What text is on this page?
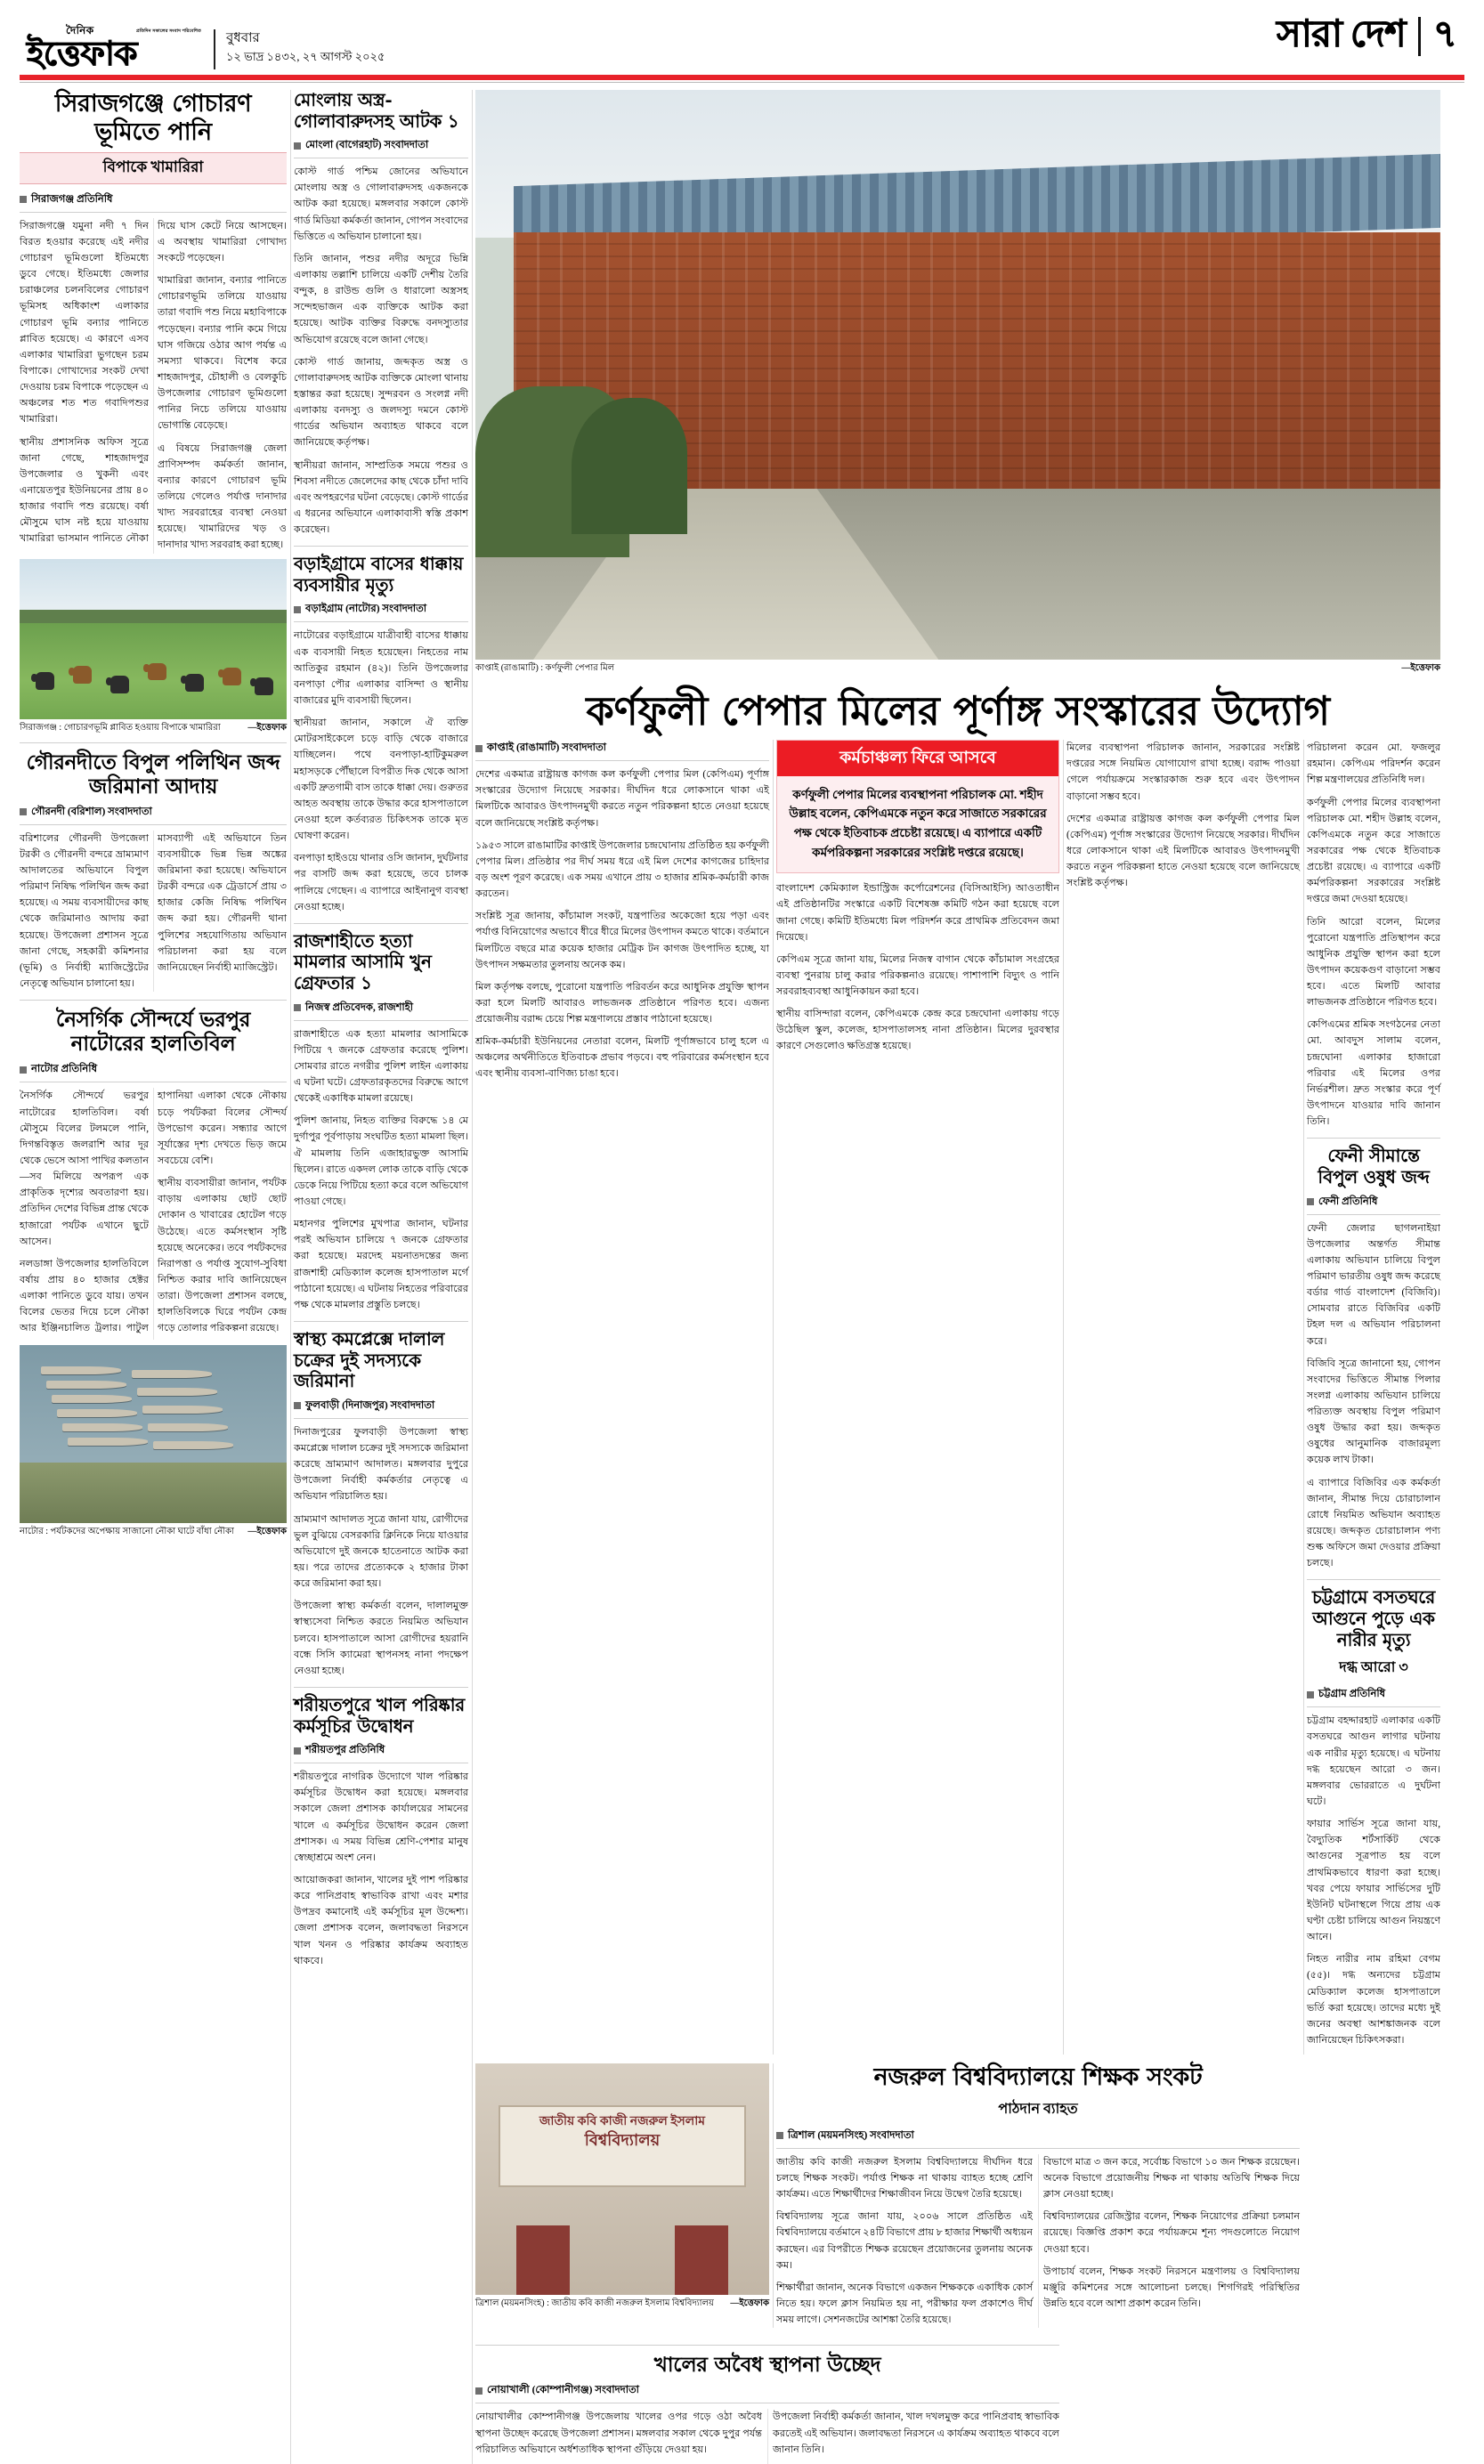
দৈনিক	প্রতিদিন সকালের সংবাদ পরিবেশিত
ইত্তেফাক	বুধবার
১২ ভাদ্র ১৪৩২, ২৭ আগস্ট ২০২৫
সারা দেশ ৭
সিরাজগঞ্জে গোচারণ ভূমিতে পানি
বিপাকে খামারিরা
সিরাজগঞ্জ প্রতিনিধি

সিরাজগঞ্জে যমুনা নদী ৭ দিন বিরত হওয়ার করেছে এই নদীর গোচারণ ভূমিগুলো ইতিমধ্যে ডুবে গেছে। ইতিমধ্যে জেলার চরাঞ্চলের চলনবিলের গোচারণ ভূমিসহ অধিকাংশ এলাকার গোচারণ ভূমি বন্যার পানিতে প্লাবিত হয়েছে। এ কারণে এসব এলাকার খামারিরা ভুগছেন চরম বিপাকে। গোখাদ্যের সংকট দেখা দেওয়ায় চরম বিপাকে পড়েছেন এ অঞ্চলের শত শত গবাদিপশুর খামারিরা।

স্থানীয় প্রশাসনিক অফিস সূত্রে জানা গেছে, শাহজাদপুর উপজেলার ও খুকনী এবং এনায়েতপুর ইউনিয়নের প্রায় ৪০ হাজার গবাদি পশু রয়েছে। বর্ষা মৌসুমে ঘাস নষ্ট হয়ে যাওয়ায় খামারিরা ভাসমান পানিতে নৌকা দিয়ে ঘাস কেটে নিয়ে আসছেন। এ অবস্থায় খামারিরা গোখাদ্য সংকটে পড়েছেন।

খামারিরা জানান, বন্যার পানিতে গোচারণভূমি তলিয়ে যাওয়ায় তারা গবাদি পশু নিয়ে মহাবিপাকে পড়েছেন। বন্যার পানি কমে গিয়ে ঘাস গজিয়ে ওঠার আগ পর্যন্ত এ সমস্যা থাকবে। বিশেষ করে শাহজাদপুর, চৌহালী ও বেলকুচি উপজেলার গোচারণ ভূমিগুলো পানির নিচে তলিয়ে যাওয়ায় ভোগান্তি বেড়েছে।

এ বিষয়ে সিরাজগঞ্জ জেলা প্রাণিসম্পদ কর্মকর্তা জানান, বন্যার কারণে গোচারণ ভূমি তলিয়ে গেলেও পর্যাপ্ত দানাদার খাদ্য সরবরাহের ব্যবস্থা নেওয়া হয়েছে। খামারিদের খড় ও দানাদার খাদ্য সরবরাহ করা হচ্ছে।

সিরাজগঞ্জ : গোচারণভূমি প্লাবিত হওয়ায় বিপাকে খামারিরা	—ইত্তেফাক
গৌরনদীতে বিপুল পলিথিন জব্দ জরিমানা আদায়
গৌরনদী (বরিশাল) সংবাদদাতা

বরিশালের গৌরনদী উপজেলা টরকী ও গৌরনদী বন্দরে ভ্রাম্যমাণ আদালতের অভিযানে বিপুল পরিমাণ নিষিদ্ধ পলিথিন জব্দ করা হয়েছে। এ সময় ব্যবসায়ীদের কাছ থেকে জরিমানাও আদায় করা হয়েছে। উপজেলা প্রশাসন সূত্রে জানা গেছে, সহকারী কমিশনার (ভূমি) ও নির্বাহী ম্যাজিস্ট্রেটের নেতৃত্বে অভিযান চালানো হয়।

মাসব্যাপী এই অভিযানে তিন ব্যবসায়ীকে ভিন্ন ভিন্ন অঙ্কের জরিমানা করা হয়েছে। অভিযানে টরকী বন্দরে এক ট্রেডার্সে প্রায় ৩ হাজার কেজি নিষিদ্ধ পলিথিন জব্দ করা হয়। গৌরনদী থানা পুলিশের সহযোগিতায় অভিযান পরিচালনা করা হয় বলে জানিয়েছেন নির্বাহী ম্যাজিস্ট্রেট।

নৈসর্গিক সৌন্দর্যে ভরপুর নাটোরের হালতিবিল
নাটোর প্রতিনিধি

নৈসর্গিক সৌন্দর্যে ভরপুর নাটোরের হালতিবিল। বর্ষা মৌসুমে বিলের টলমলে পানি, দিগন্তবিস্তৃত জলরাশি আর দূর থেকে ভেসে আসা পাখির কলতান—সব মিলিয়ে অপরূপ এক প্রাকৃতিক দৃশ্যের অবতারণা হয়। প্রতিদিন দেশের বিভিন্ন প্রান্ত থেকে হাজারো পর্যটক এখানে ছুটে আসেন।

নলডাঙ্গা উপজেলার হালতিবিলে বর্ষায় প্রায় ৪০ হাজার হেক্টর এলাকা পানিতে ডুবে যায়। তখন বিলের ভেতর দিয়ে চলে নৌকা আর ইঞ্জিনচালিত ট্রলার। পাটুল হাপানিয়া এলাকা থেকে নৌকায় চড়ে পর্যটকরা বিলের সৌন্দর্য উপভোগ করেন। সন্ধ্যার আগে সূর্যাস্তের দৃশ্য দেখতে ভিড় জমে সবচেয়ে বেশি।

স্থানীয় ব্যবসায়ীরা জানান, পর্যটক বাড়ায় এলাকায় ছোট ছোট দোকান ও খাবারের হোটেল গড়ে উঠেছে। এতে কর্মসংস্থান সৃষ্টি হয়েছে অনেকের। তবে পর্যটকদের নিরাপত্তা ও পর্যাপ্ত সুযোগ-সুবিধা নিশ্চিত করার দাবি জানিয়েছেন তারা। উপজেলা প্রশাসন বলছে, হালতিবিলকে ঘিরে পর্যটন কেন্দ্র গড়ে তোলার পরিকল্পনা রয়েছে।

নাটোর : পর্যটকদের অপেক্ষায় সাজানো নৌকা ঘাটে বাঁধা নৌকা —ইত্তেফাক
মোংলায় অস্ত্র-গোলাবারুদসহ আটক ১
মোংলা (বাগেরহাট) সংবাদদাতা

কোস্ট গার্ড পশ্চিম জোনের অভিযানে মোংলায় অস্ত্র ও গোলাবারুদসহ একজনকে আটক করা হয়েছে। মঙ্গলবার সকালে কোস্ট গার্ড মিডিয়া কর্মকর্তা জানান, গোপন সংবাদের ভিত্তিতে এ অভিযান চালানো হয়।

তিনি জানান, পশুর নদীর অদূরে ভিন্নি এলাকায় তল্লাশি চালিয়ে একটি দেশীয় তৈরি বন্দুক, ৪ রাউন্ড গুলি ও ধারালো অস্ত্রসহ সন্দেহভাজন এক ব্যক্তিকে আটক করা হয়েছে। আটক ব্যক্তির বিরুদ্ধে বনদস্যুতার অভিযোগ রয়েছে বলে জানা গেছে।

কোস্ট গার্ড জানায়, জব্দকৃত অস্ত্র ও গোলাবারুদসহ আটক ব্যক্তিকে মোংলা থানায় হস্তান্তর করা হয়েছে। সুন্দরবন ও সংলগ্ন নদী এলাকায় বনদস্যু ও জলদস্যু দমনে কোস্ট গার্ডের অভিযান অব্যাহত থাকবে বলে জানিয়েছে কর্তৃপক্ষ।

স্থানীয়রা জানান, সাম্প্রতিক সময়ে পশুর ও শিবসা নদীতে জেলেদের কাছ থেকে চাঁদা দাবি এবং অপহরণের ঘটনা বেড়েছে। কোস্ট গার্ডের এ ধরনের অভিযানে এলাকাবাসী স্বস্তি প্রকাশ করেছেন।

বড়াইগ্রামে বাসের ধাক্কায় ব্যবসায়ীর মৃত্যু
বড়াইগ্রাম (নাটোর) সংবাদদাতা

নাটোরের বড়াইগ্রামে যাত্রীবাহী বাসের ধাক্কায় এক ব্যবসায়ী নিহত হয়েছেন। নিহতের নাম আতিকুর রহমান (৪২)। তিনি উপজেলার বনপাড়া পৌর এলাকার বাসিন্দা ও স্থানীয় বাজারের মুদি ব্যবসায়ী ছিলেন।

স্থানীয়রা জানান, সকালে ঐ ব্যক্তি মোটরসাইকেলে চড়ে বাড়ি থেকে বাজারে যাচ্ছিলেন। পথে বনপাড়া-হাটিকুমরুল মহাসড়কে পৌঁছালে বিপরীত দিক থেকে আসা একটি দ্রুতগামী বাস তাকে ধাক্কা দেয়। গুরুতর আহত অবস্থায় তাকে উদ্ধার করে হাসপাতালে নেওয়া হলে কর্তব্যরত চিকিৎসক তাকে মৃত ঘোষণা করেন।

বনপাড়া হাইওয়ে থানার ওসি জানান, দুর্ঘটনার পর বাসটি জব্দ করা হয়েছে, তবে চালক পালিয়ে গেছেন। এ ব্যাপারে আইনানুগ ব্যবস্থা নেওয়া হচ্ছে।

রাজশাহীতে হত্যা মামলার আসামি খুন গ্রেফতার ১
নিজস্ব প্রতিবেদক, রাজশাহী

রাজশাহীতে এক হত্যা মামলার আসামিকে পিটিয়ে ৭ জনকে গ্রেফতার করেছে পুলিশ। সোমবার রাতে নগরীর পুলিশ লাইন এলাকায় এ ঘটনা ঘটে। গ্রেফতারকৃতদের বিরুদ্ধে আগে থেকেই একাধিক মামলা রয়েছে।

পুলিশ জানায়, নিহত ব্যক্তির বিরুদ্ধে ১৪ মে দুর্গাপুর পূর্বপাড়ায় সংঘটিত হত্যা মামলা ছিল। ঐ মামলায় তিনি এজাহারভুক্ত আসামি ছিলেন। রাতে একদল লোক তাকে বাড়ি থেকে ডেকে নিয়ে পিটিয়ে হত্যা করে বলে অভিযোগ পাওয়া গেছে।

মহানগর পুলিশের মুখপাত্র জানান, ঘটনার পরই অভিযান চালিয়ে ৭ জনকে গ্রেফতার করা হয়েছে। মরদেহ ময়নাতদন্তের জন্য রাজশাহী মেডিক্যাল কলেজ হাসপাতাল মর্গে পাঠানো হয়েছে। এ ঘটনায় নিহতের পরিবারের পক্ষ থেকে মামলার প্রস্তুতি চলছে।

স্বাস্থ্য কমপ্লেক্সে দালাল চক্রের দুই সদস্যকে জরিমানা
ফুলবাড়ী (দিনাজপুর) সংবাদদাতা

দিনাজপুরের ফুলবাড়ী উপজেলা স্বাস্থ্য কমপ্লেক্সে দালাল চক্রের দুই সদস্যকে জরিমানা করেছে ভ্রাম্যমাণ আদালত। মঙ্গলবার দুপুরে উপজেলা নির্বাহী কর্মকর্তার নেতৃত্বে এ অভিযান পরিচালিত হয়।

ভ্রাম্যমাণ আদালত সূত্রে জানা যায়, রোগীদের ভুল বুঝিয়ে বেসরকারি ক্লিনিকে নিয়ে যাওয়ার অভিযোগে দুই জনকে হাতেনাতে আটক করা হয়। পরে তাদের প্রত্যেককে ২ হাজার টাকা করে জরিমানা করা হয়।

উপজেলা স্বাস্থ্য কর্মকর্তা বলেন, দালালমুক্ত স্বাস্থ্যসেবা নিশ্চিত করতে নিয়মিত অভিযান চলবে। হাসপাতালে আসা রোগীদের হয়রানি বন্ধে সিসি ক্যামেরা স্থাপনসহ নানা পদক্ষেপ নেওয়া হচ্ছে।

শরীয়তপুরে খাল পরিষ্কার কর্মসূচির উদ্বোধন
শরীয়তপুর প্রতিনিধি

শরীয়তপুরে নাগরিক উদ্যোগে খাল পরিষ্কার কর্মসূচির উদ্বোধন করা হয়েছে। মঙ্গলবার সকালে জেলা প্রশাসক কার্যালয়ের সামনের খালে এ কর্মসূচির উদ্বোধন করেন জেলা প্রশাসক। এ সময় বিভিন্ন শ্রেণি-পেশার মানুষ স্বেচ্ছাশ্রমে অংশ নেন।

আয়োজকরা জানান, খালের দুই পাশ পরিষ্কার করে পানিপ্রবাহ স্বাভাবিক রাখা এবং মশার উপদ্রব কমানোই এই কর্মসূচির মূল উদ্দেশ্য। জেলা প্রশাসক বলেন, জলাবদ্ধতা নিরসনে খাল খনন ও পরিষ্কার কার্যক্রম অব্যাহত থাকবে।

কাপ্তাই (রাঙামাটি) : কর্ণফুলী পেপার মিল	—ইত্তেফাক
কর্ণফুলী পেপার মিলের পূর্ণাঙ্গ সংস্কারের উদ্যোগ
কাপ্তাই (রাঙামাটি) সংবাদদাতা

দেশের একমাত্র রাষ্ট্রায়ত্ত কাগজ কল কর্ণফুলী পেপার মিল (কেপিএম) পূর্ণাঙ্গ সংস্কারের উদ্যোগ নিয়েছে সরকার। দীর্ঘদিন ধরে লোকসানে থাকা এই মিলটিকে আবারও উৎপাদনমুখী করতে নতুন পরিকল্পনা হাতে নেওয়া হয়েছে বলে জানিয়েছে সংশ্লিষ্ট কর্তৃপক্ষ।

১৯৫৩ সালে রাঙামাটির কাপ্তাই উপজেলার চন্দ্রঘোনায় প্রতিষ্ঠিত হয় কর্ণফুলী পেপার মিল। প্রতিষ্ঠার পর দীর্ঘ সময় ধরে এই মিল দেশের কাগজের চাহিদার বড় অংশ পূরণ করেছে। এক সময় এখানে প্রায় ৩ হাজার শ্রমিক-কর্মচারী কাজ করতেন।

সংশ্লিষ্ট সূত্র জানায়, কাঁচামাল সংকট, যন্ত্রপাতির অকেজো হয়ে পড়া এবং পর্যাপ্ত বিনিয়োগের অভাবে ধীরে ধীরে মিলের উৎপাদন কমতে থাকে। বর্তমানে মিলটিতে বছরে মাত্র কয়েক হাজার মেট্রিক টন কাগজ উৎপাদিত হচ্ছে, যা উৎপাদন সক্ষমতার তুলনায় অনেক কম।

মিল কর্তৃপক্ষ বলছে, পুরোনো যন্ত্রপাতি পরিবর্তন করে আধুনিক প্রযুক্তি স্থাপন করা হলে মিলটি আবারও লাভজনক প্রতিষ্ঠানে পরিণত হবে। এজন্য প্রয়োজনীয় বরাদ্দ চেয়ে শিল্প মন্ত্রণালয়ে প্রস্তাব পাঠানো হয়েছে।

শ্রমিক-কর্মচারী ইউনিয়নের নেতারা বলেন, মিলটি পূর্ণাঙ্গভাবে চালু হলে এ অঞ্চলের অর্থনীতিতে ইতিবাচক প্রভাব পড়বে। বহু পরিবারের কর্মসংস্থান হবে এবং স্থানীয় ব্যবসা-বাণিজ্য চাঙা হবে।

কর্মচাঞ্চল্য ফিরে আসবে
কর্ণফুলী পেপার মিলের ব্যবস্থাপনা পরিচালক মো. শহীদ উল্লাহ বলেন, কেপিএমকে নতুন করে সাজাতে সরকারের পক্ষ থেকে ইতিবাচক প্রচেষ্টা রয়েছে। এ ব্যাপারে একটি কর্মপরিকল্পনা সরকারের সংশ্লিষ্ট দপ্তরে রয়েছে।

বাংলাদেশ কেমিক্যাল ইন্ডাস্ট্রিজ কর্পোরেশনের (বিসিআইসি) আওতাধীন এই প্রতিষ্ঠানটির সংস্কারে একটি বিশেষজ্ঞ কমিটি গঠন করা হয়েছে বলে জানা গেছে। কমিটি ইতিমধ্যে মিল পরিদর্শন করে প্রাথমিক প্রতিবেদন জমা দিয়েছে।

কেপিএম সূত্রে জানা যায়, মিলের নিজস্ব বাগান থেকে কাঁচামাল সংগ্রহের ব্যবস্থা পুনরায় চালু করার পরিকল্পনাও রয়েছে। পাশাপাশি বিদ্যুৎ ও পানি সরবরাহব্যবস্থা আধুনিকায়ন করা হবে।

স্থানীয় বাসিন্দারা বলেন, কেপিএমকে কেন্দ্র করে চন্দ্রঘোনা এলাকায় গড়ে উঠেছিল স্কুল, কলেজ, হাসপাতালসহ নানা প্রতিষ্ঠান। মিলের দুরবস্থার কারণে সেগুলোও ক্ষতিগ্রস্ত হয়েছে।

মিলের ব্যবস্থাপনা পরিচালক জানান, সরকারের সংশ্লিষ্ট দপ্তরের সঙ্গে নিয়মিত যোগাযোগ রাখা হচ্ছে। বরাদ্দ পাওয়া গেলে পর্যায়ক্রমে সংস্কারকাজ শুরু হবে এবং উৎপাদন বাড়ানো সম্ভব হবে।

দেশের একমাত্র রাষ্ট্রায়ত্ত কাগজ কল কর্ণফুলী পেপার মিল (কেপিএম) পূর্ণাঙ্গ সংস্কারের উদ্যোগ নিয়েছে সরকার। দীর্ঘদিন ধরে লোকসানে থাকা এই মিলটিকে আবারও উৎপাদনমুখী করতে নতুন পরিকল্পনা হাতে নেওয়া হয়েছে বলে জানিয়েছে সংশ্লিষ্ট কর্তৃপক্ষ।

পরিচালনা করেন মো. ফজলুর রহমান। কেপিএম পরিদর্শন করেন শিল্প মন্ত্রণালয়ের প্রতিনিধি দল।

কর্ণফুলী পেপার মিলের ব্যবস্থাপনা পরিচালক মো. শহীদ উল্লাহ বলেন, কেপিএমকে নতুন করে সাজাতে সরকারের পক্ষ থেকে ইতিবাচক প্রচেষ্টা রয়েছে। এ ব্যাপারে একটি কর্মপরিকল্পনা সরকারের সংশ্লিষ্ট দপ্তরে জমা দেওয়া হয়েছে।

তিনি আরো বলেন, মিলের পুরোনো যন্ত্রপাতি প্রতিস্থাপন করে আধুনিক প্রযুক্তি স্থাপন করা হলে উৎপাদন কয়েকগুণ বাড়ানো সম্ভব হবে। এতে মিলটি আবার লাভজনক প্রতিষ্ঠানে পরিণত হবে।

কেপিএমের শ্রমিক সংগঠনের নেতা মো. আবদুস সালাম বলেন, চন্দ্রঘোনা এলাকার হাজারো পরিবার এই মিলের ওপর নির্ভরশীল। দ্রুত সংস্কার করে পূর্ণ উৎপাদনে যাওয়ার দাবি জানান তিনি।

ফেনী সীমান্তে বিপুল ওষুধ জব্দ
ফেনী প্রতিনিধি

ফেনী জেলার ছাগলনাইয়া উপজেলার অন্তর্গত সীমান্ত এলাকায় অভিযান চালিয়ে বিপুল পরিমাণ ভারতীয় ওষুধ জব্দ করেছে বর্ডার গার্ড বাংলাদেশ (বিজিবি)। সোমবার রাতে বিজিবির একটি টহল দল এ অভিযান পরিচালনা করে।

বিজিবি সূত্রে জানানো হয়, গোপন সংবাদের ভিত্তিতে সীমান্ত পিলার সংলগ্ন এলাকায় অভিযান চালিয়ে পরিত্যক্ত অবস্থায় বিপুল পরিমাণ ওষুধ উদ্ধার করা হয়। জব্দকৃত ওষুধের আনুমানিক বাজারমূল্য কয়েক লাখ টাকা।

এ ব্যাপারে বিজিবির এক কর্মকর্তা জানান, সীমান্ত দিয়ে চোরাচালান রোধে নিয়মিত অভিযান অব্যাহত রয়েছে। জব্দকৃত চোরাচালান পণ্য শুল্ক অফিসে জমা দেওয়ার প্রক্রিয়া চলছে।

চট্টগ্রামে বসতঘরে আগুনে পুড়ে এক নারীর মৃত্যু
দগ্ধ আরো ৩
চট্টগ্রাম প্রতিনিধি

চট্টগ্রাম বহদ্দারহাট এলাকার একটি বসতঘরে আগুন লাগার ঘটনায় এক নারীর মৃত্যু হয়েছে। এ ঘটনায় দগ্ধ হয়েছেন আরো ৩ জন। মঙ্গলবার ভোররাতে এ দুর্ঘটনা ঘটে।

ফায়ার সার্ভিস সূত্রে জানা যায়, বৈদ্যুতিক শর্টসার্কিট থেকে আগুনের সূত্রপাত হয় বলে প্রাথমিকভাবে ধারণা করা হচ্ছে। খবর পেয়ে ফায়ার সার্ভিসের দুটি ইউনিট ঘটনাস্থলে গিয়ে প্রায় এক ঘণ্টা চেষ্টা চালিয়ে আগুন নিয়ন্ত্রণে আনে।

নিহত নারীর নাম রহিমা বেগম (৫৫)। দগ্ধ অন্যদের চট্টগ্রাম মেডিক্যাল কলেজ হাসপাতালে ভর্তি করা হয়েছে। তাদের মধ্যে দুই জনের অবস্থা আশঙ্কাজনক বলে জানিয়েছেন চিকিৎসকরা।

জাতীয় কবি কাজী নজরুল ইসলাম
বিশ্ববিদ্যালয়
ত্রিশাল (ময়মনসিংহ) : জাতীয় কবি কাজী নজরুল ইসলাম বিশ্ববিদ্যালয় —ইত্তেফাক
নজরুল বিশ্ববিদ্যালয়ে শিক্ষক সংকট
পাঠদান ব্যাহত
ত্রিশাল (ময়মনসিংহ) সংবাদদাতা

জাতীয় কবি কাজী নজরুল ইসলাম বিশ্ববিদ্যালয়ে দীর্ঘদিন ধরে চলছে শিক্ষক সংকট। পর্যাপ্ত শিক্ষক না থাকায় ব্যাহত হচ্ছে শ্রেণি কার্যক্রম। এতে শিক্ষার্থীদের শিক্ষাজীবন নিয়ে উদ্বেগ তৈরি হয়েছে।

বিশ্ববিদ্যালয় সূত্রে জানা যায়, ২০০৬ সালে প্রতিষ্ঠিত এই বিশ্ববিদ্যালয়ে বর্তমানে ২৪টি বিভাগে প্রায় ৮ হাজার শিক্ষার্থী অধ্যয়ন করছেন। এর বিপরীতে শিক্ষক রয়েছেন প্রয়োজনের তুলনায় অনেক কম।

শিক্ষার্থীরা জানান, অনেক বিভাগে একজন শিক্ষককে একাধিক কোর্স নিতে হয়। ফলে ক্লাস নিয়মিত হয় না, পরীক্ষার ফল প্রকাশেও দীর্ঘ সময় লাগে। সেশনজটের আশঙ্কা তৈরি হয়েছে।

বিভাগে মাত্র ৩ জন করে, সর্বোচ্চ বিভাগে ১০ জন শিক্ষক রয়েছেন। অনেক বিভাগে প্রয়োজনীয় শিক্ষক না থাকায় অতিথি শিক্ষক দিয়ে ক্লাস নেওয়া হচ্ছে।

বিশ্ববিদ্যালয়ের রেজিস্ট্রার বলেন, শিক্ষক নিয়োগের প্রক্রিয়া চলমান রয়েছে। বিজ্ঞপ্তি প্রকাশ করে পর্যায়ক্রমে শূন্য পদগুলোতে নিয়োগ দেওয়া হবে।

উপাচার্য বলেন, শিক্ষক সংকট নিরসনে মন্ত্রণালয় ও বিশ্ববিদ্যালয় মঞ্জুরি কমিশনের সঙ্গে আলোচনা চলছে। শিগগিরই পরিস্থিতির উন্নতি হবে বলে আশা প্রকাশ করেন তিনি।

খালের অবৈধ স্থাপনা উচ্ছেদ
নোয়াখালী (কোম্পানীগঞ্জ) সংবাদদাতা

নোয়াখালীর কোম্পানীগঞ্জ উপজেলায় খালের ওপর গড়ে ওঠা অবৈধ স্থাপনা উচ্ছেদ করেছে উপজেলা প্রশাসন। মঙ্গলবার সকাল থেকে দুপুর পর্যন্ত পরিচালিত অভিযানে অর্ধশতাধিক স্থাপনা গুঁড়িয়ে দেওয়া হয়।

উপজেলা নির্বাহী কর্মকর্তা জানান, খাল দখলমুক্ত করে পানিপ্রবাহ স্বাভাবিক করতেই এই অভিযান। জলাবদ্ধতা নিরসনে এ কার্যক্রম অব্যাহত থাকবে বলে জানান তিনি।
